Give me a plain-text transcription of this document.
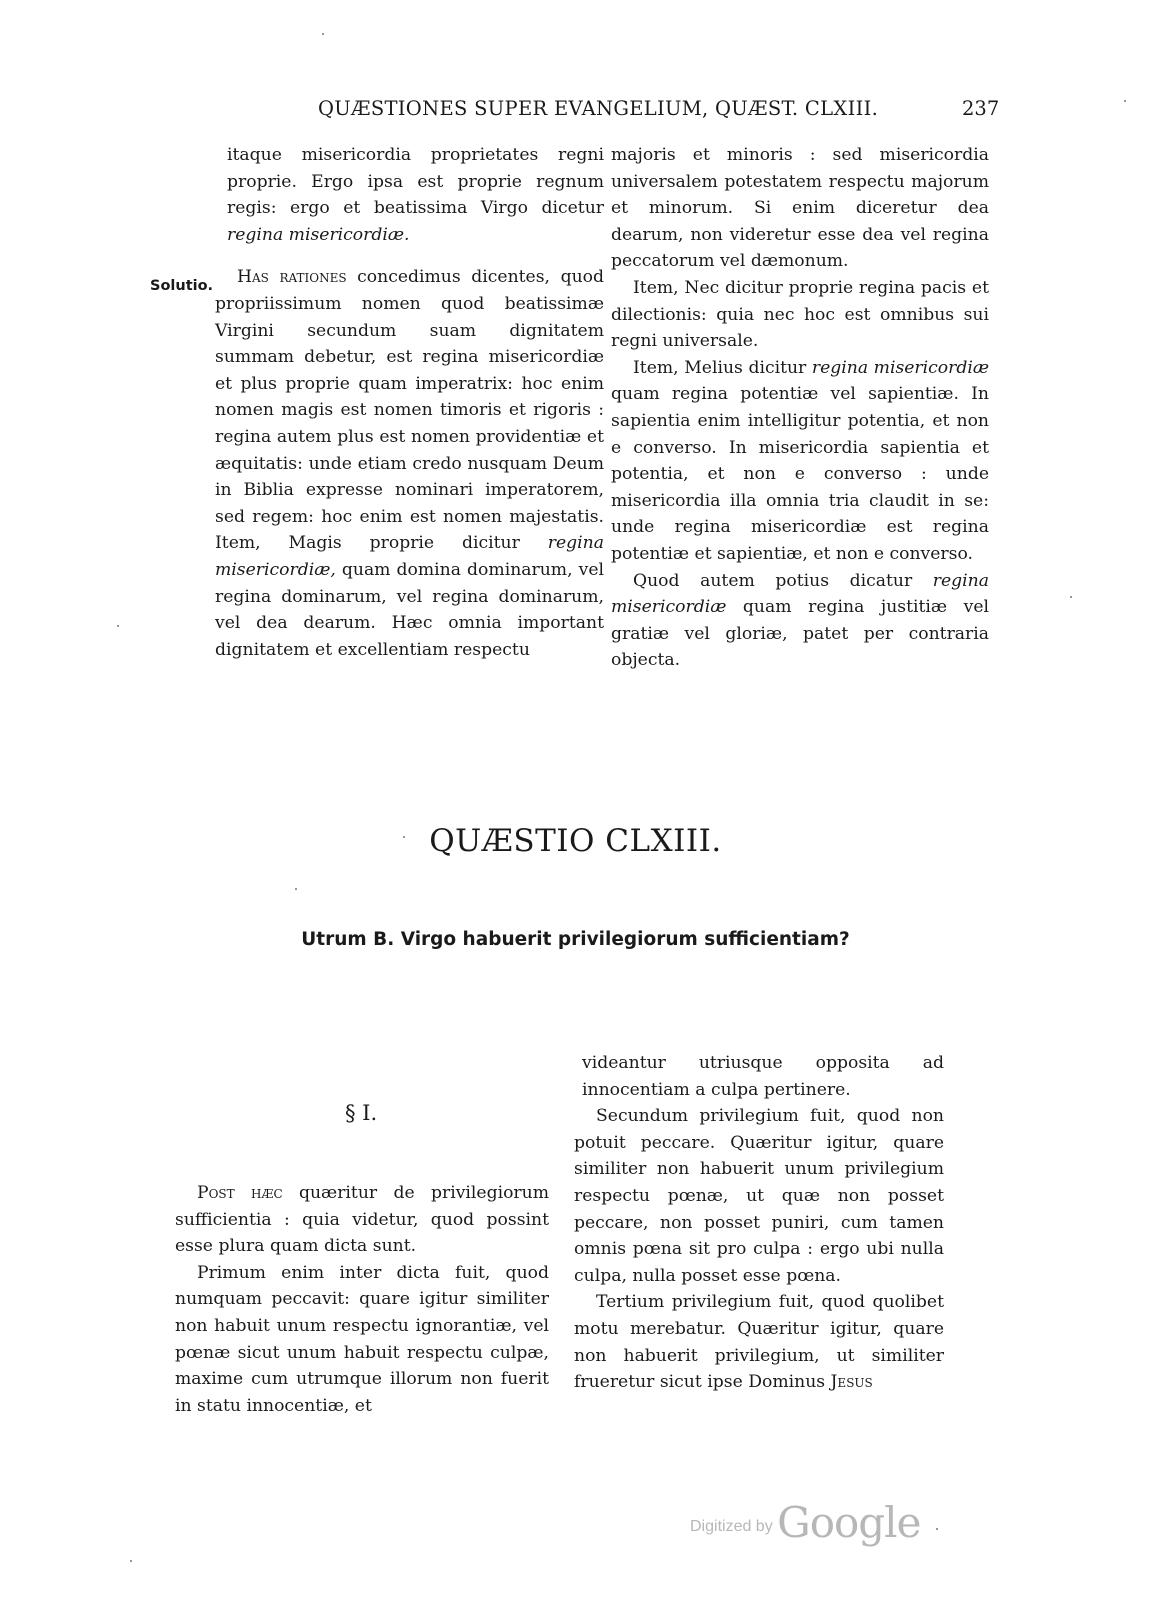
QUÆSTIONES SUPER EVANGELIUM, QUÆST. CLXIII.	237
Solutio.

itaque misericordia proprietates regni proprie. Ergo ipsa est proprie regnum regis: ergo et beatissima Virgo dicetur regina misericordiæ.

Has rationes concedimus dicentes, quod propriissimum nomen quod beatissimæ Virgini secundum suam dignitatem summam debetur, est regina misericordiæ et plus proprie quam imperatrix: hoc enim nomen magis est nomen timoris et rigoris : regina autem plus est nomen providentiæ et æquitatis: unde etiam credo nusquam Deum in Biblia expresse nominari imperatorem, sed regem: hoc enim est nomen majestatis. Item, Magis proprie dicitur regina misericordiæ, quam domina dominarum, vel regina dominarum, vel regina dominarum, vel dea dearum. Hæc omnia important dignitatem et excellentiam respectu

majoris et minoris : sed misericordia universalem potestatem respectu majorum et minorum. Si enim diceretur dea dearum, non videretur esse dea vel regina peccatorum vel dæmonum.

Item, Nec dicitur proprie regina pacis et dilectionis: quia nec hoc est omnibus sui regni universale.

Item, Melius dicitur regina misericordiæ quam regina potentiæ vel sapientiæ. In sapientia enim intelligitur potentia, et non e converso. In misericordia sapientia et potentia, et non e converso : unde misericordia illa omnia tria claudit in se: unde regina misericordiæ est regina potentiæ et sapientiæ, et non e converso.

Quod autem potius dicatur regina misericordiæ quam regina justitiæ vel gratiæ vel gloriæ, patet per contraria objecta.

QUÆSTIO CLXIII.
Utrum B. Virgo habuerit privilegiorum sufficientiam?
§ I.

Post hæc quæritur de privilegiorum sufficientia : quia videtur, quod possint esse plura quam dicta sunt.

Primum enim inter dicta fuit, quod numquam peccavit: quare igitur similiter non habuit unum respectu ignorantiæ, vel pœnæ sicut unum habuit respectu culpæ, maxime cum utrumque illorum non fuerit in statu innocentiæ, et

videantur utriusque opposita ad innocentiam a culpa pertinere.

Secundum privilegium fuit, quod non potuit peccare. Quæritur igitur, quare similiter non habuerit unum privilegium respectu pœnæ, ut quæ non posset peccare, non posset puniri, cum tamen omnis pœna sit pro culpa : ergo ubi nulla culpa, nulla posset esse pœna.

Tertium privilegium fuit, quod quolibet motu merebatur. Quæritur igitur, quare non habuerit privilegium, ut similiter frueretur sicut ipse Dominus Jesus

Digitized by Google
